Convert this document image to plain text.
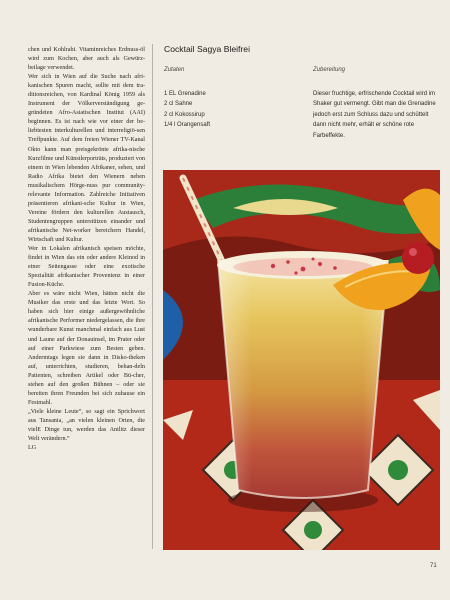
chen und Kohlrabi. Vitaminreiches Erdnuss-öl wird zum Kochen, aber auch als Gewürz-beilage verwendet.

Wer sich in Wien auf die Suche nach afri-kanischen Spuren macht, sollte mit dem tra-ditionsreichen, von Kardinal König 1959 als Instrument der Völkerverständigung ge-gründeten Afro-Asiatischen Institut (AAI) beginnen. Es ist nach wie vor einer der be-liebtesten interkulturellen und interreligiö-sen Treffpunkte. Auf dem freien Wiener TV-Kanal Okto kann man preisgekrönte afrika-nische Kurzfilme und Künstlerporträts, produziert von einem in Wien lebenden Afrikaner, sehen, und Radio Afrika bietet den Wienern neben musikalischem Hörge-nuss pur community-relevante Information. Zahlreiche Initiativen präsentieren afrikani-sche Kultur in Wien, Vereine fördern den kulturellen Austausch, Studentengruppen unterstützen einander und afrikanische Net-worker bereichern Handel, Wirtschaft und Kultur.

Wer in Lokalen afrikanisch speisen möchte, findet in Wien das ein oder andere Kleinod in einer Seitengasse oder eine exotische Spezialität afrikanischer Provenienz in einer Fusion-Küche.

Aber es wäre nicht Wien, hätten nicht die Musiker das erste und das letzte Wort. So haben sich hier einige außergewöhnliche afrikanische Performer niedergelassen, die ihre wunderbare Kunst manchmal einfach aus Lust und Laune auf der Donauinsel, im Prater oder auf einer Parkwiese zum Besten geben. Andermtags legen sie dann in Disko-theken auf, unterrichten, studieren, behan-deln Patienten, schreiben Artikel oder Bü-cher, stehen auf den großen Bühnen – oder sie bereiten ihren Freunden bei sich zuhause ein Festmahl.

„Viele kleine Leute“, so sagt ein Sprichwort aus Tansania, „an vielen kleinen Orten, die vielE Dinge tun, werden das Antlitz dieser Welt verändern.“

LG

Cocktail Sagya Bleifrei
Zutaten	Zubereitung
1 EL Grenadine
2 cl Sahne
2 cl Kokossirup
1/4 l Orangensaft

Dieser fruchtige, erfrischende Cocktail wird im Shaker gut vermengt. Gibt man die Grenadine jedoch erst zum Schluss dazu und schüttelt dann nicht mehr, erhält er schöne rote Farbeffekte.

71
